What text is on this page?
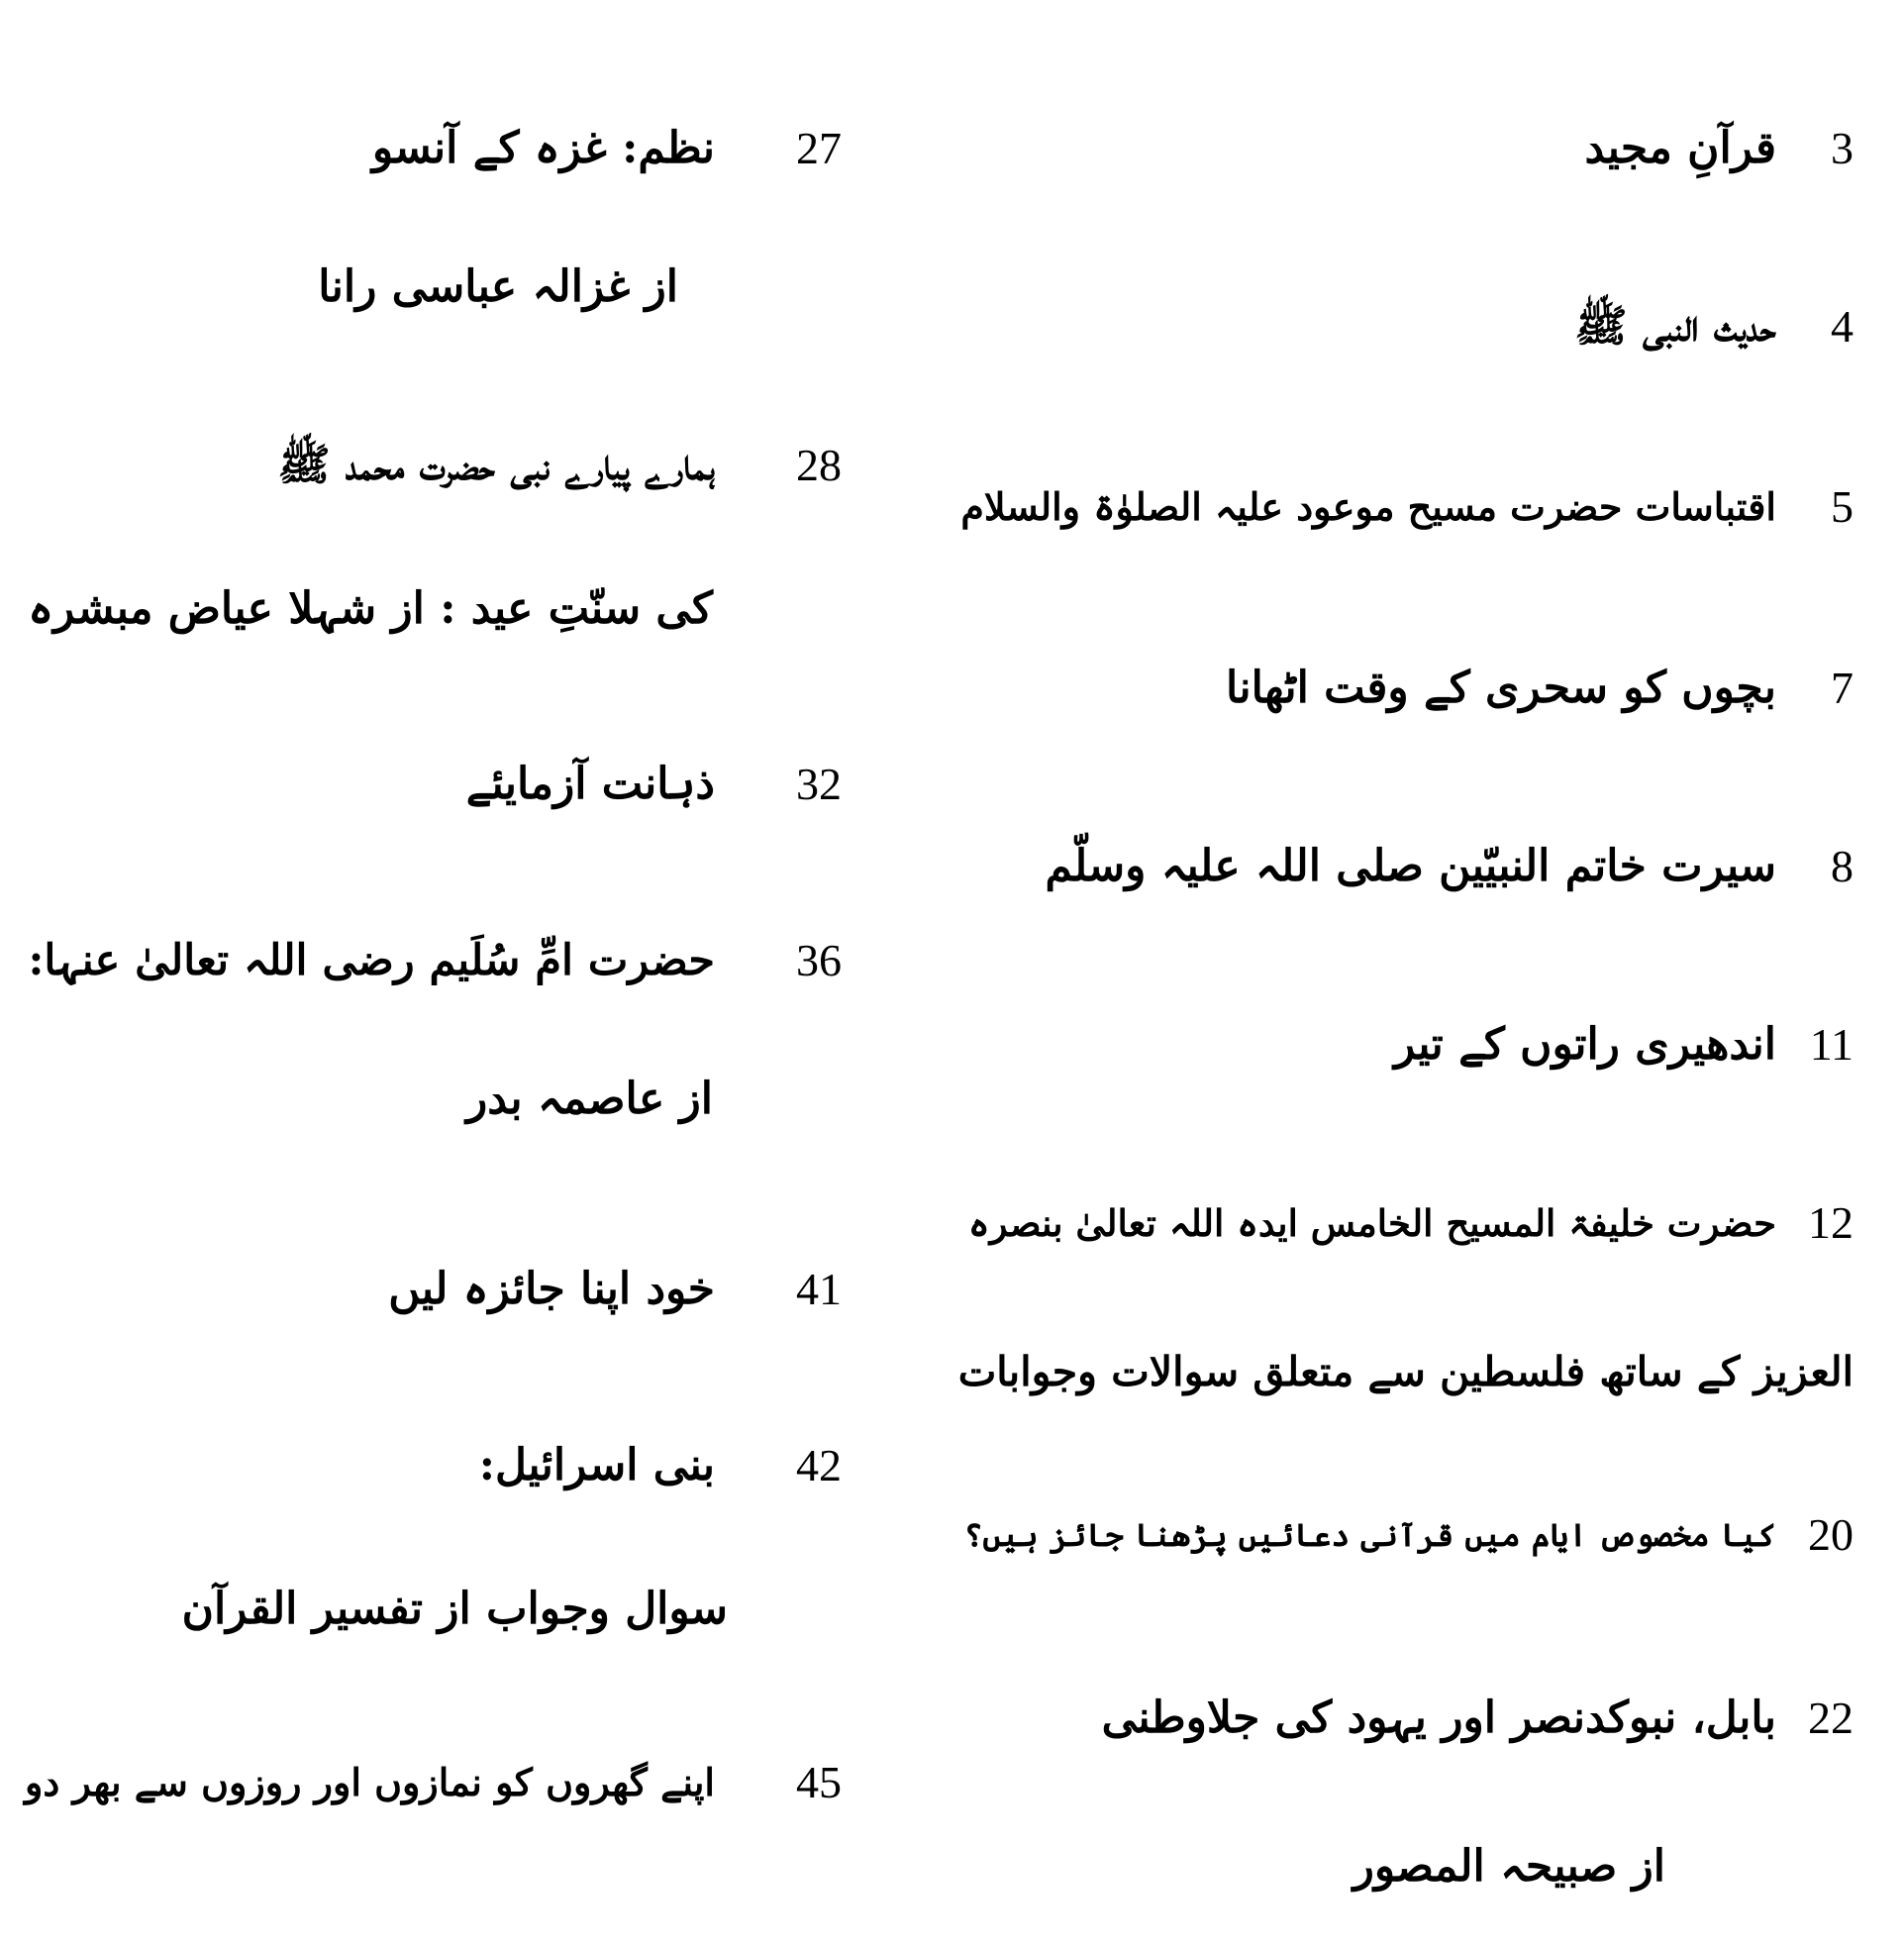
3
قرآنِ مجید
4
حدیث النبی ﷺ
5
اقتباسات حضرت مسیح موعود علیہ الصلوٰۃ والسلام
7
بچوں کو سحری کے وقت اٹھانا
8
سیرت خاتم النبیّین صلی اللہ علیہ وسلّم
11
اندھیری راتوں کے تیر
12
حضرت خلیفۃ المسیح الخامس ایدہ اللہ تعالیٰ بنصرہ
العزیز کے ساتھ فلسطین سے متعلق سوالات وجوابات
20
کیا مخصوص ایام میں قرآنی دعائیں پڑھنا جائز ہیں؟
22
بابل، نبوکدنصر اور یہود کی جلاوطنی
از صبیحہ المصور
27
نظم: غزہ کے آنسو
از غزالہ عباسی رانا
28
ہمارے پیارے نبی حضرت محمد ﷺ
کی سنّتِ عید : از شہلا عیاض مبشرہ
32
ذہانت آزمایئے
36
حضرت امِّ سُلَیم رضی اللہ تعالیٰ عنہا:
از عاصمہ بدر
41
خود اپنا جائزہ لیں
42
بنی اسرائیل:
سوال وجواب از تفسیر القرآن
45
اپنے گھروں کو نمازوں اور روزوں سے بھر دو
